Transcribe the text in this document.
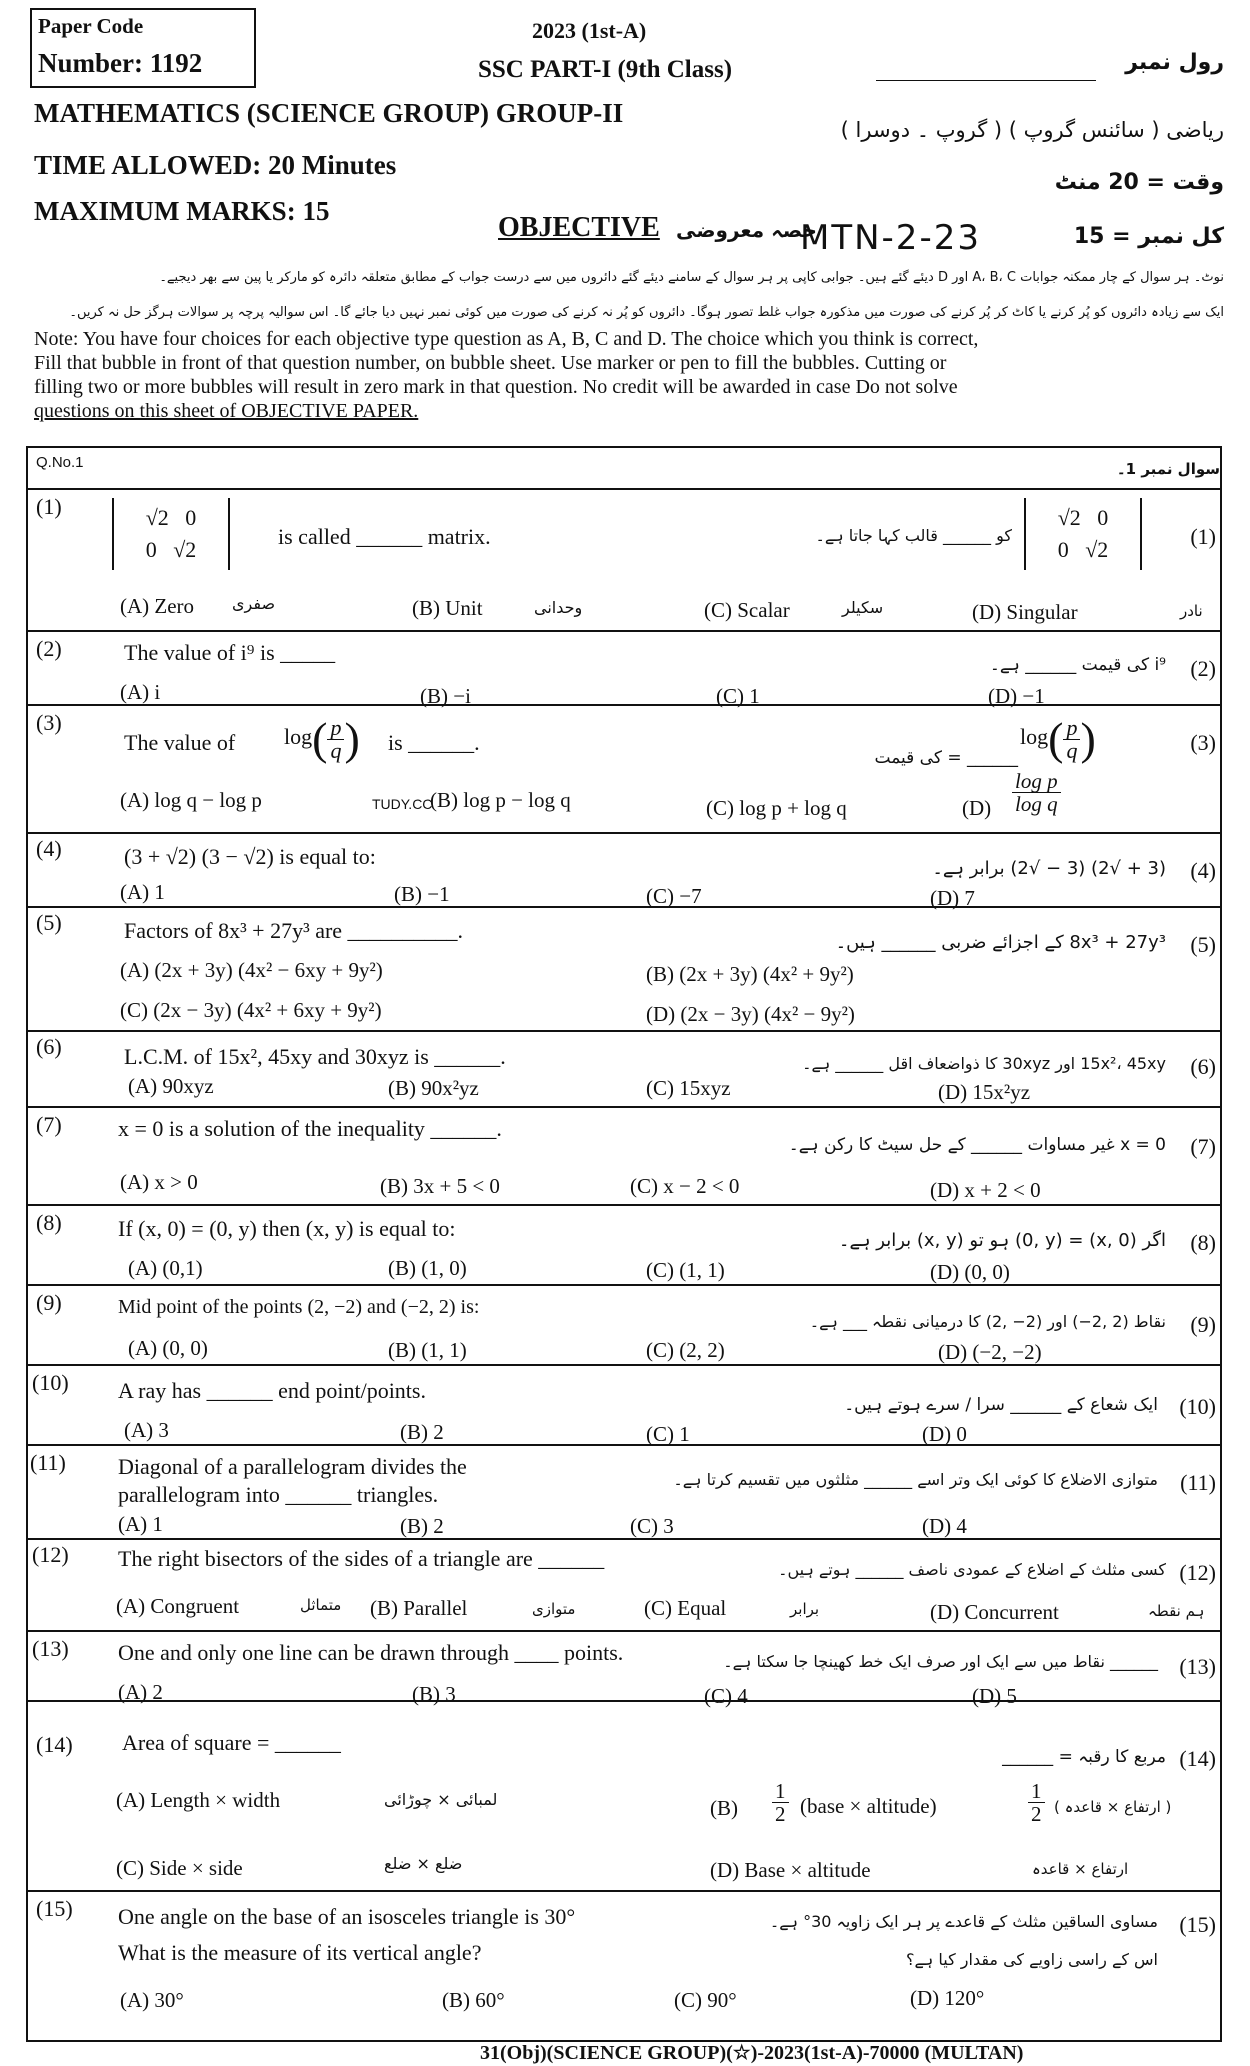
Paper Code
Number: 1192
2023 (1st-A)
SSC PART-I (9th Class)	رول نمبر
MATHEMATICS (SCIENCE GROUP) GROUP-II
ریاضی ( سائنس گروپ ) ( گروپ ۔ دوسرا )
TIME ALLOWED: 20 Minutes
وقت = 20 منٹ
MAXIMUM MARKS: 15
OBJECTIVE حصہ معروضی
MTN-2-23	کل نمبر = 15
نوٹ۔ ہر سوال کے چار ممکنہ جوابات A، B، C اور D دیئے گئے ہیں۔ جوابی کاپی پر ہر سوال کے سامنے دیئے گئے دائروں میں سے درست جواب کے مطابق متعلقہ دائرہ کو مارکر یا پین سے بھر دیجیے۔
ایک سے زیادہ دائروں کو پُر کرنے یا کاٹ کر پُر کرنے کی صورت میں مذکورہ جواب غلط تصور ہوگا۔ دائروں کو پُر نہ کرنے کی صورت میں کوئی نمبر نہیں دیا جائے گا۔ اس سوالیہ پرچہ پر سوالات ہرگز حل نہ کریں۔
Note: You have four choices for each objective type question as A, B, C and D. The choice which you think is correct,
Fill that bubble in front of that question number, on bubble sheet. Use marker or pen to fill the bubbles. Cutting or
filling two or more bubbles will result in zero mark in that question. No credit will be awarded in case Do not solve
questions on this sheet of OBJECTIVE PAPER.
Q.No.1	سوال نمبر 1۔
(1)	√2   0
0   √2
is called ______ matrix.
√2   0
0   √2
کو ______ قالب کہا جاتا ہے۔	(1)
(A) Zero صفری	(B) Unit	وحدانی	(C) Scalar	سکیلر	(D) Singular	نادر
(2)	The value of i⁹ is _____	i⁹ کی قیمت ______ ہے۔ (2)
(A) i	(B) −i	(C) 1	(D) −1
(3)
The value of $\log( \frac{p}{q}$ ) is ______.
______ = کی قیمت
$\log( \frac{p}{q}$ )	(3)
(A) log q − log p	TUDY.CC
(B) log p − log q	(C) log p + log q	$(D) \frac{\text{log p}}{\text{log q}}$
(4)	(3 + √2) (3 − √2) is equal to:	(3 + √2) (3 − √2) برابر ہے۔ (4)
(A) 1	(B) −1	(C) −7	(D) 7
(5)	Factors of 8x³ + 27y³ are __________.	8x³ + 27y³ کے اجزائے ضربی ______ ہیں۔ (5)
(A) (2x + 3y) (4x² − 6xy + 9y²)	(B) (2x + 3y) (4x² + 9y²)
(C) (2x − 3y) (4x² + 6xy + 9y²)	(D) (2x − 3y) (4x² − 9y²)
(6)	L.C.M. of 15x², 45xy and 30xyz is ______.	15x²، 45xy اور 30xyz کا ذواضعاف اقل ______ ہے۔ (6)
(A) 90xyz	(B) 90x²yz	(C) 15xyz	(D) 15x²yz
(7)	x = 0 is a solution of the inequality ______.
x = 0 غیر مساوات ______ کے حل سیٹ کا رکن ہے۔ (7)
(A) x > 0	(B) 3x + 5 < 0	(C) x − 2 < 0	(D) x + 2 < 0
(8)	If (x, 0) = (0, y) then (x, y) is equal to:	اگر (x, 0) = (0, y) ہو تو (x, y) برابر ہے۔ (8)
(A) (0,1)	(B) (1, 0)	(C) (1, 1)	(D) (0, 0)
(9)	Mid point of the points (2, −2) and (−2, 2) is:
نقاط (2 ,2−) اور (2− ,2) کا درمیانی نقطہ ___ ہے۔ (9)
(A) (0, 0)	(B) (1, 1)	(C) (2, 2)	(D) (−2, −2)
(10) A ray has ______ end point/points.
ایک شعاع کے ______ سرا / سرے ہوتے ہیں۔ (10)
(A) 3	(B) 2	(C) 1	(D) 0
(11) Diagonal of a parallelogram divides the
parallelogram into ______ triangles.
متوازی الاضلاع کا کوئی ایک وتر اسے ______ مثلثوں میں تقسیم کرتا ہے۔ (11)
(A) 1	(B) 2	(C) 3	(D) 4
(12) The right bisectors of the sides of a triangle are ______	کسی مثلث کے اضلاع کے عمودی ناصف ______ ہوتے ہیں۔ (12)
(A) Congruent	متماثل (B) Parallel	متوازی	(C) Equal	برابر	(D) Concurrent	ہم نقطہ
(13) One and only one line can be drawn through ____ points.	______ نقاط میں سے ایک اور صرف ایک خط کھینچا جا سکتا ہے۔ (13)
(A) 2	(B) 3	(C) 4	(D) 5
(14) Area of square = ______
مربع کا رقبہ = ______ (14)
(A) Length × width	لمبائی × چوڑائی	$(B) \frac{1}{2}$ (base × altitude)	$\frac{1}{2}$ ( ارتفاع × قاعدہ )
(C) Side × side	ضلع × ضلع	(D) Base × altitude	ارتفاع × قاعدہ
(15) One angle on the base of an isosceles triangle is 30°
What is the measure of its vertical angle?
مساوی الساقین مثلث کے قاعدے پر ہر ایک زاویہ 30° ہے۔
اس کے راسی زاویے کی مقدار کیا ہے؟
(15)
(A) 30°	(B) 60°	(C) 90°	(D) 120°
31(Obj)(SCIENCE GROUP)(☆)-2023(1st-A)-70000 (MULTAN)
